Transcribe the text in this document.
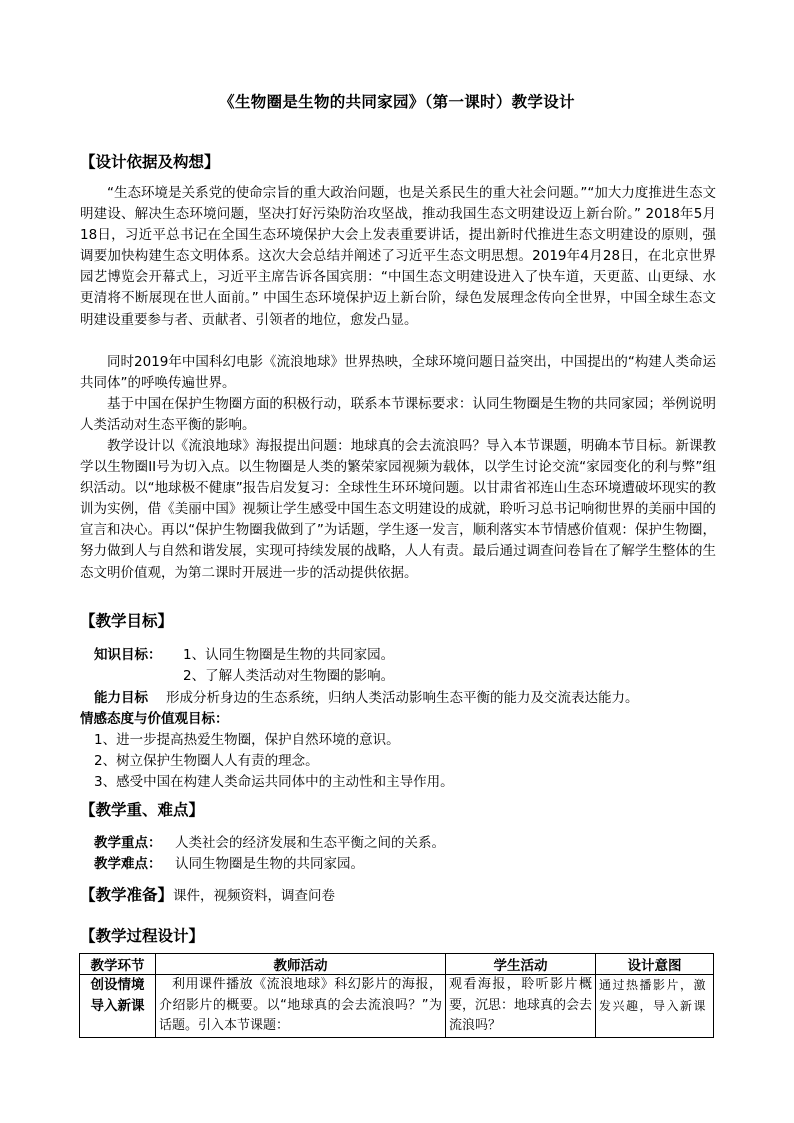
《生物圈是生物的共同家园》（第一课时）教学设计
【设计依据及构想】

“生态环境是关系党的使命宗旨的重大政治问题，也是关系民生的重大社会问题。”“加大力度推进生态文明建设、解决生态环境问题，坚决打好污染防治攻坚战，推动我国生态文明建设迈上新台阶。” 2018年5月18日，习近平总书记在全国生态环境保护大会上发表重要讲话，提出新时代推进生态文明建设的原则，强调要加快构建生态文明体系。这次大会总结并阐述了习近平生态文明思想。2019年4月28日，在北京世界园艺博览会开幕式上，习近平主席告诉各国宾朋：“中国生态文明建设进入了快车道，天更蓝、山更绿、水更清将不断展现在世人面前。” 中国生态环境保护迈上新台阶，绿色发展理念传向全世界，中国全球生态文明建设重要参与者、贡献者、引领者的地位，愈发凸显。

同时2019年中国科幻电影《流浪地球》世界热映，全球环境问题日益突出，中国提出的“构建人类命运共同体”的呼唤传遍世界。

基于中国在保护生物圈方面的积极行动，联系本节课标要求：认同生物圈是生物的共同家园；举例说明人类活动对生态平衡的影响。

教学设计以《流浪地球》海报提出问题：地球真的会去流浪吗？导入本节课题，明确本节目标。新课教学以生物圈II号为切入点。以生物圈是人类的繁荣家园视频为载体，以学生讨论交流“家园变化的利与弊”组织活动。以“地球极不健康”报告启发复习：全球性生环环境问题。以甘肃省祁连山生态环境遭破坏现实的教训为实例，借《美丽中国》视频让学生感受中国生态文明建设的成就，聆听习总书记响彻世界的美丽中国的宣言和决心。再以“保护生物圈我做到了”为话题，学生逐一发言，顺利落实本节情感价值观：保护生物圈，努力做到人与自然和谐发展，实现可持续发展的战略，人人有责。最后通过调查问卷旨在了解学生整体的生态文明价值观，为第二课时开展进一步的活动提供依据。

【教学目标】
知识目标： 1、认同生物圈是生物的共同家园。
2、了解人类活动对生物圈的影响。
能力目标 形成分析身边的生态系统，归纳人类活动影响生态平衡的能力及交流表达能力。
情感态度与价值观目标：
1、进一步提高热爱生物圈，保护自然环境的意识。
2、树立保护生物圈人人有责的理念。
3、感受中国在构建人类命运共同体中的主动性和主导作用。
【教学重、难点】
教学重点： 人类社会的经济发展和生态平衡之间的关系。
教学难点： 认同生物圈是生物的共同家园。
【教学准备】课件，视频资料，调查问卷
【教学过程设计】
教学环节	教师活动	学生活动	设计意图

创设情境
导入新课	利用课件播放《流浪地球》科幻影片的海报，介绍影片的概要。以“地球真的会去流浪吗？”为话题。引入本节课题：	观看海报，聆听影片概要，沉思：地球真的会去流浪吗？	通过热播影片，激发兴趣，导入新课
